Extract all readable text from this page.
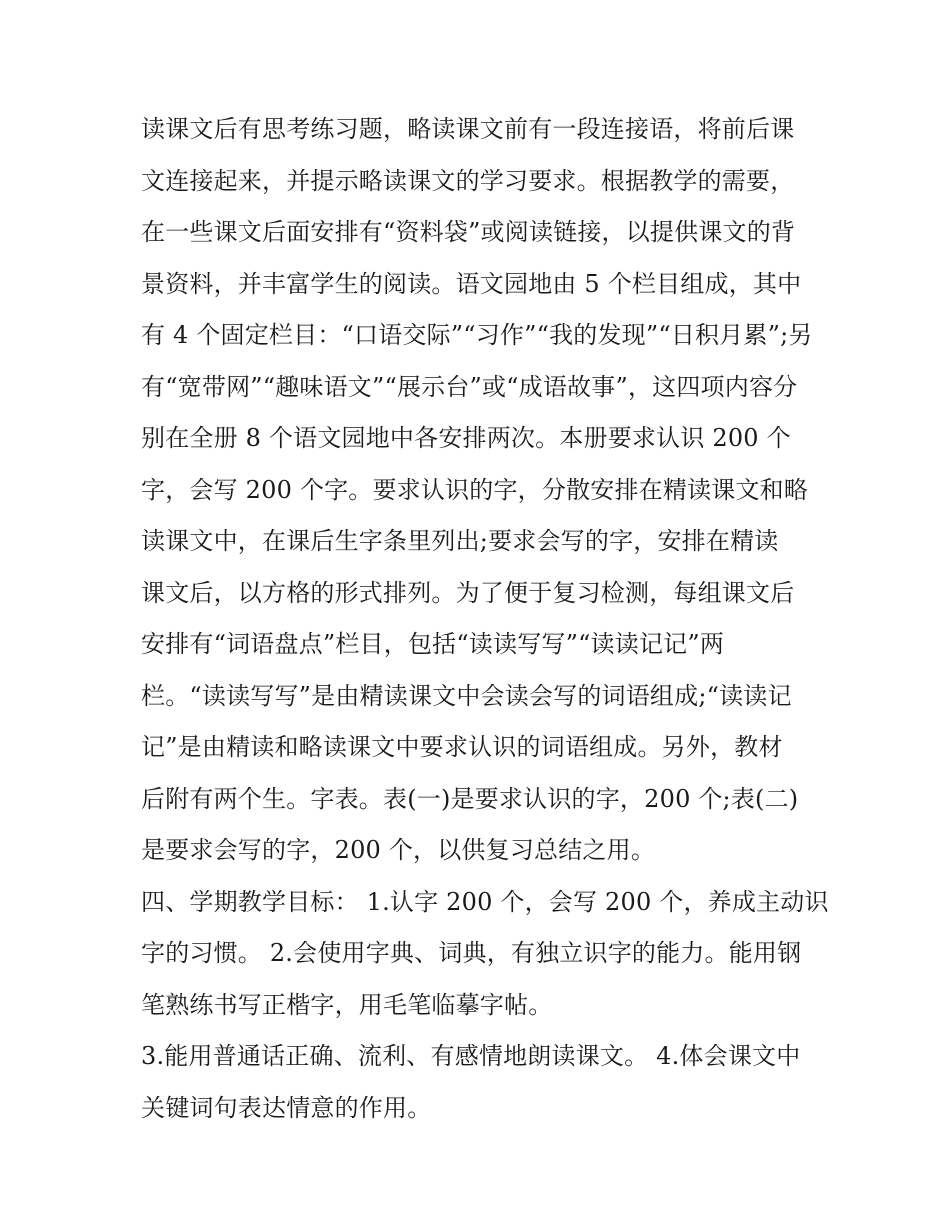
读课文后有思考练习题，略读课文前有一段连接语，将前后课
文连接起来，并提示略读课文的学习要求。根据教学的需要，
在一些课文后面安排有“资料袋”或阅读链接，以提供课文的背
景资料，并丰富学生的阅读。语文园地由 5 个栏目组成，其中
有 4 个固定栏目：“口语交际”“习作”“我的发现”“日积月累”;另
有“宽带网”“趣味语文”“展示台”或“成语故事”，这四项内容分
别在全册 8 个语文园地中各安排两次。本册要求认识 200 个
字，会写 200 个字。要求认识的字，分散安排在精读课文和略
读课文中，在课后生字条里列出;要求会写的字，安排在精读
课文后，以方格的形式排列。为了便于复习检测，每组课文后
安排有“词语盘点”栏目，包括“读读写写”“读读记记”两
栏。“读读写写”是由精读课文中会读会写的词语组成;“读读记
记”是由精读和略读课文中要求认识的词语组成。另外，教材
后附有两个生。字表。表(一)是要求认识的字，200 个;表(二)
是要求会写的字，200 个，以供复习总结之用。
四、学期教学目标： 1.认字 200 个，会写 200 个，养成主动识
字的习惯。 2.会使用字典、词典，有独立识字的能力。能用钢
笔熟练书写正楷字，用毛笔临摹字帖。
3.能用普通话正确、流利、有感情地朗读课文。 4.体会课文中
关键词句表达情意的作用。
